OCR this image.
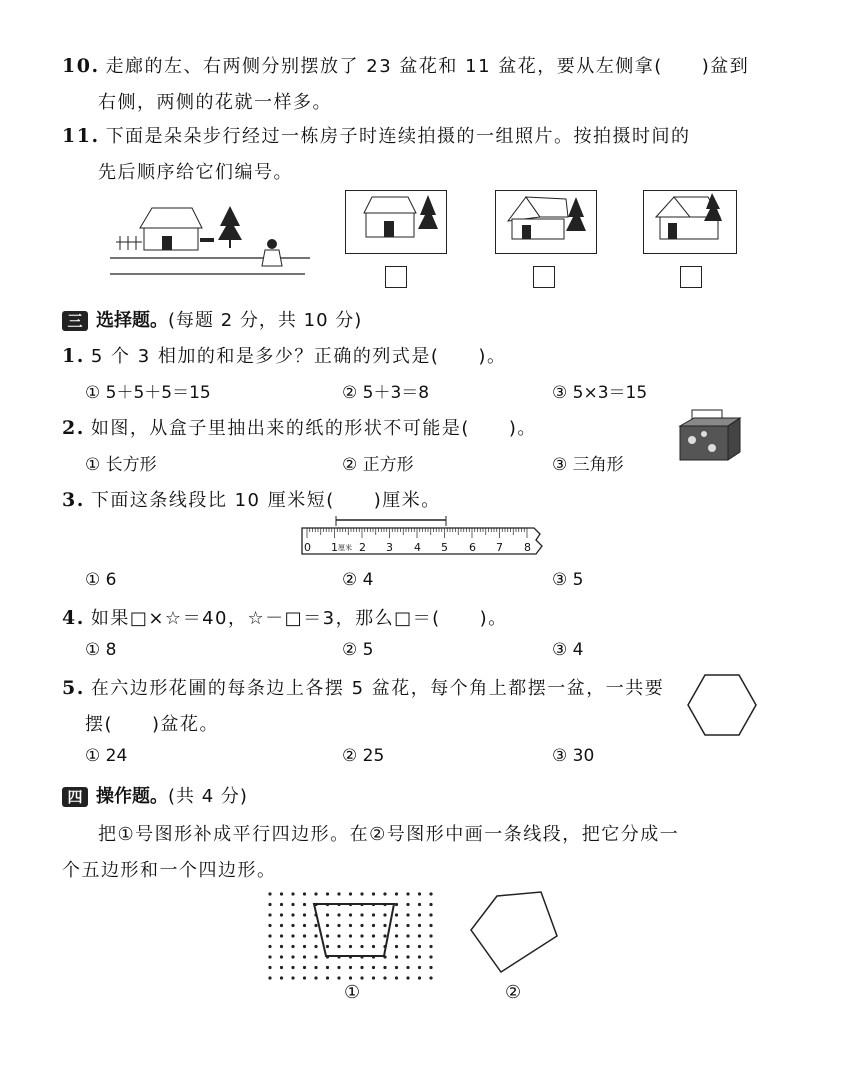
10. 走廊的左、右两侧分别摆放了 23 盆花和 11 盆花，要从左侧拿(　　)盆到
右侧，两侧的花就一样多。
11. 下面是朵朵步行经过一栋房子时连续拍摄的一组照片。按拍摄时间的
先后顺序给它们编号。
三 选择题。(每题 2 分，共 10 分)
1. 5 个 3 相加的和是多少？正确的列式是(　　)。
① 5＋5＋5＝15	② 5＋3＝8	③ 5×3＝15
2. 如图，从盒子里抽出来的纸的形状不可能是(　　)。
① 长方形	② 正方形	③ 三角形
3. 下面这条线段比 10 厘米短(　　)厘米。
0 1 厘米 2 3 4 5 6 7 8
① 6	② 4	③ 5
4. 如果□×☆＝40，☆－□＝3，那么□＝(　　)。
① 8	② 5	③ 4
5. 在六边形花圃的每条边上各摆 5 盆花，每个角上都摆一盆，一共要
摆(　　)盆花。
① 24	② 25	③ 30
四 操作题。(共 4 分)
把①号图形补成平行四边形。在②号图形中画一条线段，把它分成一
个五边形和一个四边形。
①	②
